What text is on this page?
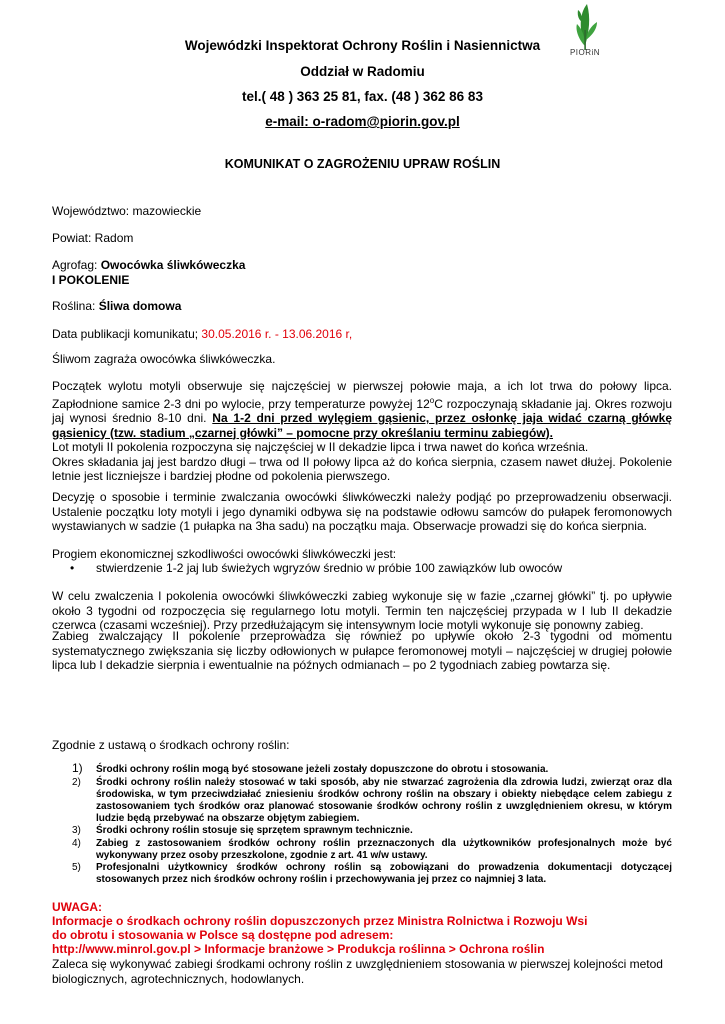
Wojewódzki Inspektorat Ochrony Roślin i Nasiennictwa
Oddział w Radomiu
tel.( 48 ) 363 25 81, fax. (48 ) 362 86 83
e-mail: o-radom@piorin.gov.pl
PIORiN
KOMUNIKAT O ZAGROŻENIU UPRAW ROŚLIN
Województwo: mazowieckie
Powiat: Radom
Agrofag: Owocówka śliwkóweczka
I POKOLENIE
Roślina: Śliwa domowa
Data publikacji komunikatu; 30.05.2016 r. - 13.06.2016 r,
Śliwom zagraża owocówka śliwkóweczka.
Początek wylotu motyli obserwuje się najczęściej w pierwszej połowie maja, a ich lot trwa do połowy lipca. Zapłodnione samice 2-3 dni po wylocie, przy temperaturze powyżej 12$^o$C rozpoczynają składanie jaj. Okres rozwoju jaj wynosi średnio 8-10 dni. Na 1-2 dni przed wylęgiem gąsienic, przez osłonkę jaja widać czarną główkę gąsienicy (tzw. stadium „czarnej główki” – pomocne przy określaniu terminu zabiegów).
Lot motyli II pokolenia rozpoczyna się najczęściej w II dekadzie lipca i trwa nawet do końca września.
Okres składania jaj jest bardzo długi – trwa od II połowy lipca aż do końca sierpnia, czasem nawet dłużej. Pokolenie letnie jest liczniejsze i bardziej płodne od pokolenia pierwszego.
Decyzję o sposobie i terminie zwalczania owocówki śliwkóweczki należy podjąć po przeprowadzeniu obserwacji. Ustalenie początku loty motyli i jego dynamiki odbywa się na podstawie odłowu samców do pułapek feromonowych wystawianych w sadzie (1 pułapka na 3ha sadu) na początku maja. Obserwacje prowadzi się do końca sierpnia.
Progiem ekonomicznej szkodliwości owocówki śliwkóweczki jest:
• stwierdzenie 1-2 jaj lub świeżych wgryzów średnio w próbie 100 zawiązków lub owoców
W celu zwalczenia I pokolenia owocówki śliwkóweczki zabieg wykonuje się w fazie „czarnej główki” tj. po upływie około 3 tygodni od rozpoczęcia się regularnego lotu motyli. Termin ten najczęściej przypada w I lub II dekadzie czerwca (czasami wcześniej). Przy przedłużającym się intensywnym locie motyli wykonuje się ponowny zabieg.
Zabieg zwalczający II pokolenie przeprowadza się również po upływie około 2-3 tygodni od momentu systematycznego zwiększania się liczby odłowionych w pułapce feromonowej motyli – najczęściej w drugiej połowie lipca lub I dekadzie sierpnia i ewentualnie na późnych odmianach – po 2 tygodniach zabieg powtarza się.
Zgodnie z ustawą o środkach ochrony roślin:
1)	Środki ochrony roślin mogą być stosowane jeżeli zostały dopuszczone do obrotu i stosowania.
2)	Środki ochrony roślin należy stosować w taki sposób, aby nie stwarzać zagrożenia dla zdrowia ludzi, zwierząt oraz dla środowiska, w tym przeciwdziałać zniesieniu środków ochrony roślin na obszary i obiekty niebędące celem zabiegu z zastosowaniem tych środków oraz planować stosowanie środków ochrony roślin z uwzględnieniem okresu, w którym ludzie będą przebywać na obszarze objętym zabiegiem.
3)	Środki ochrony roślin stosuje się sprzętem sprawnym technicznie.
4)	Zabieg z zastosowaniem środków ochrony roślin przeznaczonych dla użytkowników profesjonalnych może być wykonywany przez osoby przeszkolone, zgodnie z art. 41 w/w ustawy.
5)	Profesjonalni użytkownicy środków ochrony roślin są zobowiązani do prowadzenia dokumentacji dotyczącej stosowanych przez nich środków ochrony roślin i przechowywania jej przez co najmniej 3 lata.
UWAGA:
Informacje o środkach ochrony roślin dopuszczonych przez Ministra Rolnictwa i Rozwoju Wsi
do obrotu i stosowania w Polsce są dostępne pod adresem:
http://www.minrol.gov.pl > Informacje branżowe > Produkcja roślinna > Ochrona roślin
Zaleca się wykonywać zabiegi środkami ochrony roślin z uwzględnieniem stosowania w pierwszej kolejności metod biologicznych, agrotechnicznych, hodowlanych.
